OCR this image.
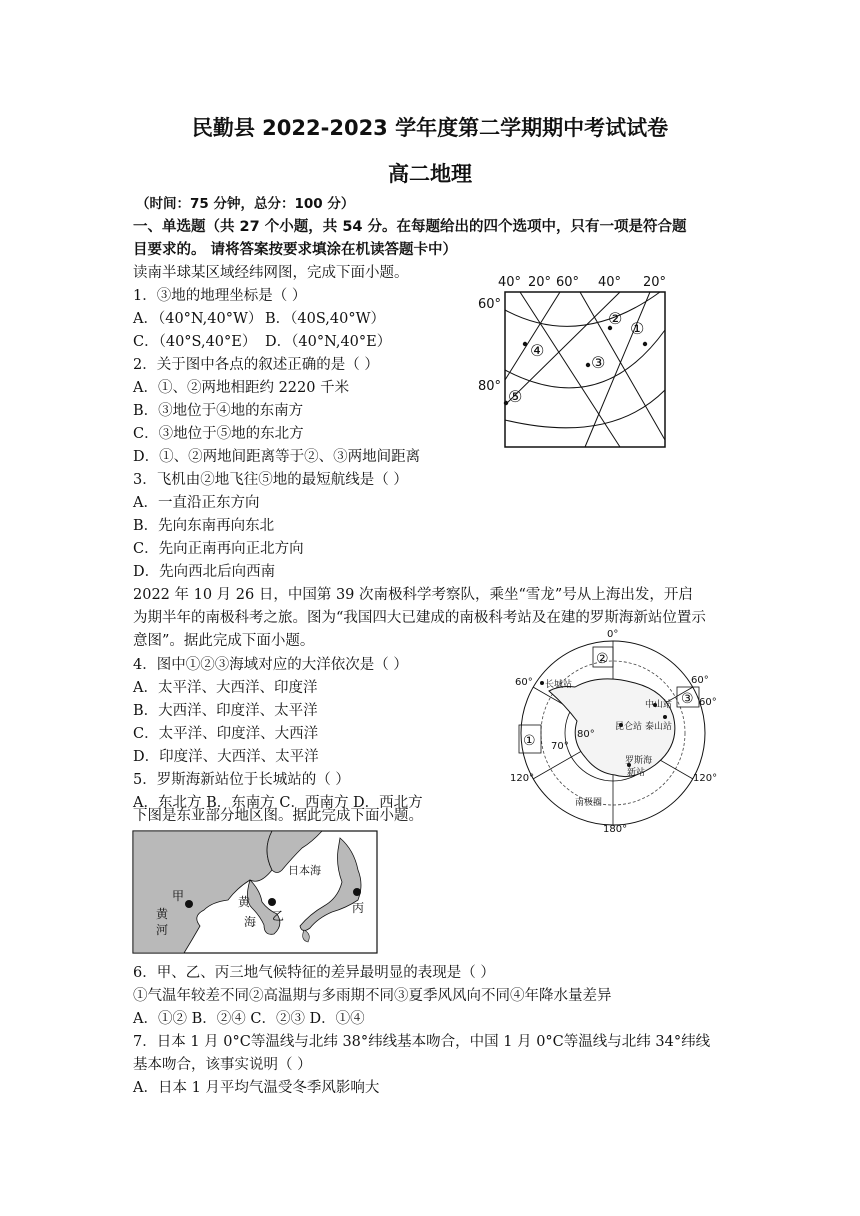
民勤县 2022-2023 学年度第二学期期中考试试卷
高二地理
（时间：75 分钟，总分：100 分）
一、单选题（共 27 个小题，共 54 分。在每题给出的四个选项中，只有一项是符合题
目要求的。 请将答案按要求填涂在机读答题卡中）
读南半球某区域经纬网图，完成下面小题。
1．③地的地理坐标是（ ）
A．（40°N,40°W） B．（40S,40°W）
C．（40°S,40°E） D．（40°N,40°E）
2．关于图中各点的叙述正确的是（ ）
A．①、②两地相距约 2220 千米
B．③地位于④地的东南方
C．③地位于⑤地的东北方
D．①、②两地间距离等于②、③两地间距离
3．飞机由②地飞往⑤地的最短航线是（ ）
A．一直沿正东方向
B．先向东南再向东北
C．先向正南再向正北方向
D．先向西北后向西南
40° 20° 60° 40° 20°
60°
80°
①
②
③
④
⑤
2022 年 10 月 26 日，中国第 39 次南极科学考察队，乘坐“雪龙”号从上海出发，开启
为期半年的南极科考之旅。图为“我国四大已建成的南极科考站及在建的罗斯海新站位置示
意图”。据此完成下面小题。
4．图中①②③海域对应的大洋依次是（ ）
A．太平洋、大西洋、印度洋
B．大西洋、印度洋、太平洋
C．太平洋、印度洋、大西洋
D．印度洋、大西洋、太平洋
5．罗斯海新站位于长城站的（ ）
A．东北方 B．东南方 C．西南方 D．西北方
0°
180°
60°	60°
60°
120°	120°
70°
80°
②
①
③
长城站
昆仑站
中山站
泰山站
罗斯海
新站
南极圈
下图是东亚部分地区图。据此完成下面小题。
甲
乙
丙
黄
河
黄
海
日本海
6．甲、乙、丙三地气候特征的差异最明显的表现是（ ）
①气温年较差不同②高温期与多雨期不同③夏季风风向不同④年降水量差异
A．①② B．②④ C．②③ D．①④
7．日本 1 月 0°C等温线与北纬 38°纬线基本吻合，中国 1 月 0°C等温线与北纬 34°纬线
基本吻合，该事实说明（ ）
A．日本 1 月平均气温受冬季风影响大
